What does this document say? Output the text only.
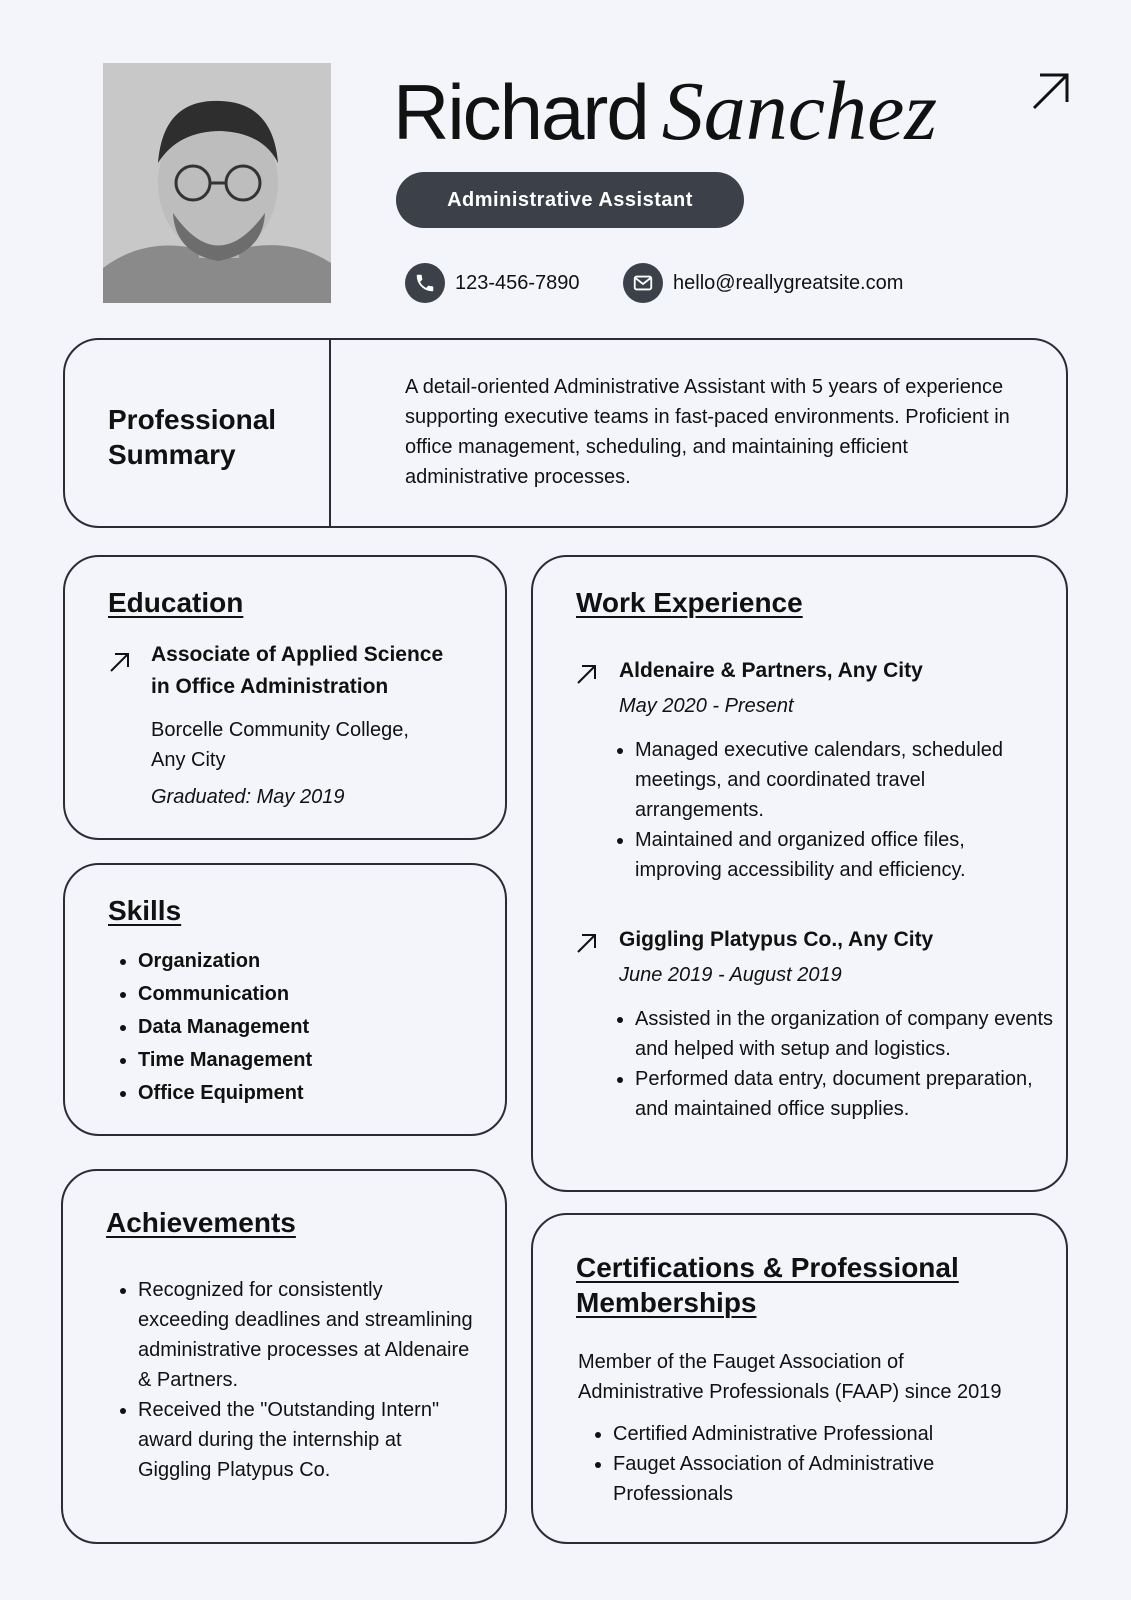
Richard Sanchez
Administrative Assistant
123-456-7890	hello@reallygreatsite.com
Professional
Summary
A detail-oriented Administrative Assistant with 5 years of experience supporting executive teams in fast-paced environments. Proficient in office management, scheduling, and maintaining efficient administrative processes.
Education
Associate of Applied Science in Office Administration
Borcelle Community College, Any City
Graduated: May 2019
Skills
• Organization
• Communication
• Data Management
• Time Management
• Office Equipment
Achievements
• Recognized for consistently exceeding deadlines and streamlining administrative processes at Aldenaire & Partners.
• Received the "Outstanding Intern" award during the internship at Giggling Platypus Co.
Work Experience
Aldenaire & Partners, Any City
May 2020 - Present
• Managed executive calendars, scheduled meetings, and coordinated travel arrangements.
• Maintained and organized office files, improving accessibility and efficiency.
Giggling Platypus Co., Any City
June 2019 - August 2019
• Assisted in the organization of company events and helped with setup and logistics.
• Performed data entry, document preparation, and maintained office supplies.
Certifications & Professional
Memberships
Member of the Fauget Association of Administrative Professionals (FAAP) since 2019
• Certified Administrative Professional
• Fauget Association of Administrative Professionals
